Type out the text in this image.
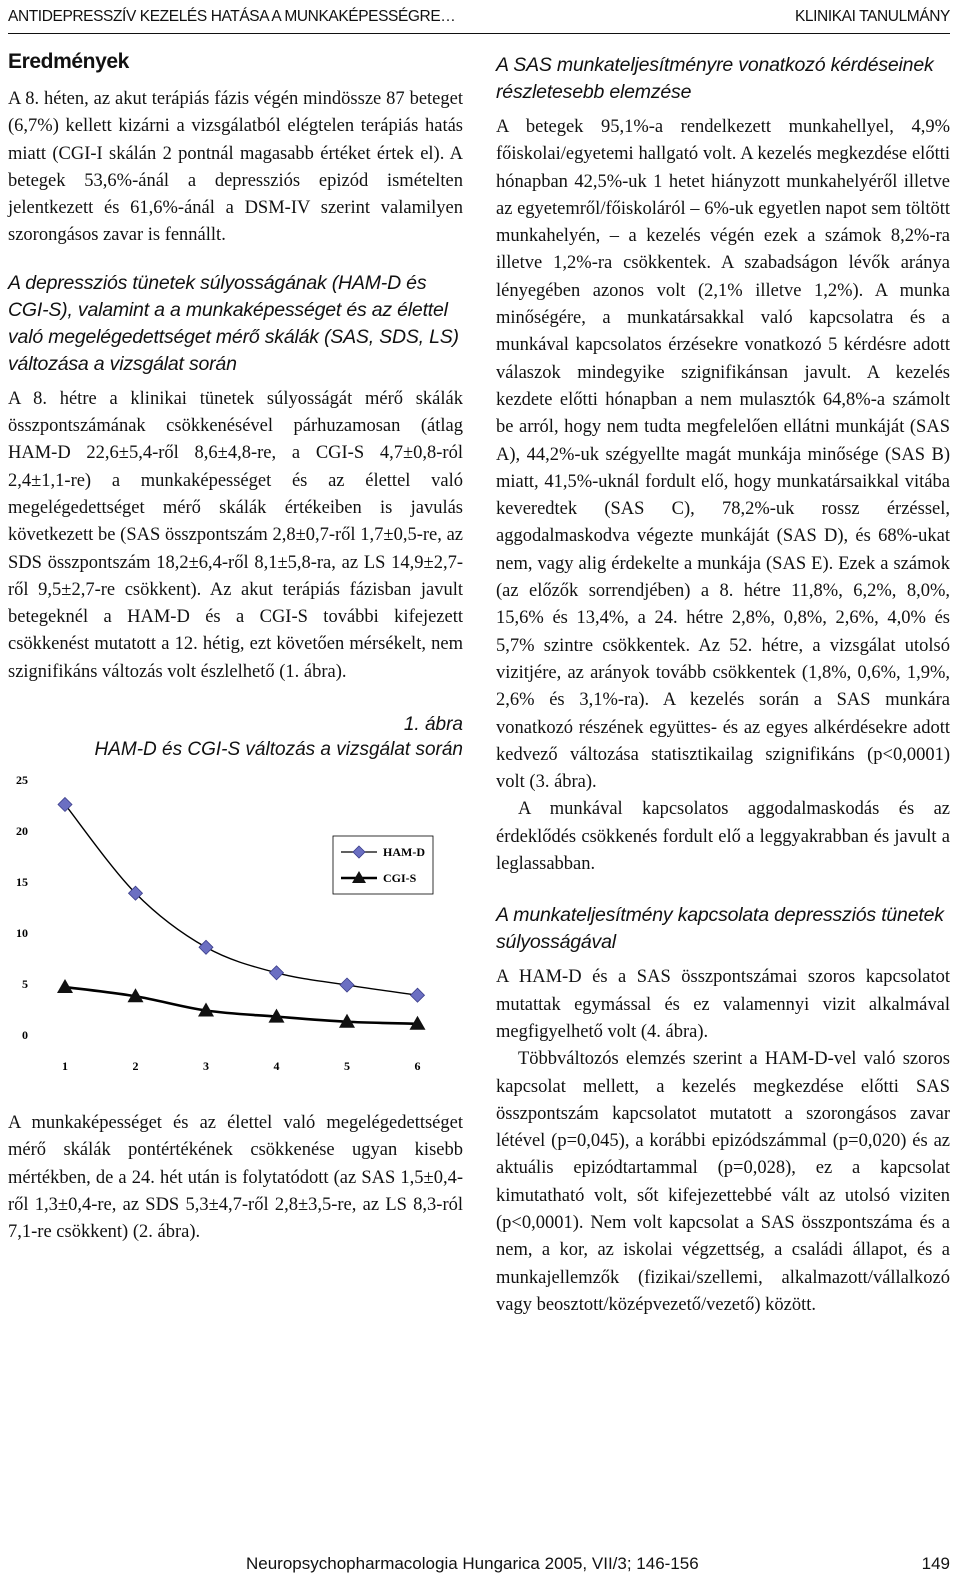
ANTIDEPRESSZÍV KEZELÉS HATÁSA A MUNKAKÉPESSÉGRE…	KLINIKAI TANULMÁNY
Eredmények

A 8. héten, az akut terápiás fázis végén mindössze 87 beteget (6,7%) kellett kizárni a vizsgálatból elégtelen terápiás hatás miatt (CGI-I skálán 2 pontnál magasabb értéket értek el). A betegek 53,6%-ánál a depressziós epizód ismételten jelentkezett és 61,6%-ánál a DSM-IV szerint valamilyen szorongásos zavar is fennállt.

A depressziós tünetek súlyosságának (HAM-D és CGI-S), valamint a a munkaképességet és az élettel való megelégedettséget mérő skálák (SAS, SDS, LS) változása a vizsgálat során

A 8. hétre a klinikai tünetek súlyosságát mérő skálák összpontszámának csökkenésével párhuzamosan (átlag HAM-D 22,6±5,4-ről 8,6±4,8-re, a CGI-S 4,7±0,8-ról 2,4±1,1-re) a munkaképességet és az élettel való megelégedettséget mérő skálák értékeiben is javulás következett be (SAS összpontszám 2,8±0,7-ről 1,7±0,5-re, az SDS összpontszám 18,2±6,4-ről 8,1±5,8-ra, az LS 14,9±2,7-ről 9,5±2,7-re csökkent). Az akut terápiás fázisban javult betegeknél a HAM-D és a CGI-S további kifejezett csökkenést mutatott a 12. hétig, ezt követően mérsékelt, nem szignifikáns változás volt észlelhető (1. ábra).

1. ábra
HAM-D és CGI-S változás a vizsgálat során
0
5
10
15
20
25
1	2	3	4	5	6
HAM-D
CGI-S

A munkaképességet és az élettel való megelégedettséget mérő skálák pontértékének csökkenése ugyan kisebb mértékben, de a 24. hét után is folytatódott (az SAS 1,5±0,4-ről 1,3±0,4-re, az SDS 5,3±4,7-ről 2,8±3,5-re, az LS 8,3-ról 7,1-re csökkent) (2. ábra).

A SAS munkateljesítményre vonatkozó kérdéseinek részletesebb elemzése

A betegek 95,1%-a rendelkezett munkahellyel, 4,9% főiskolai/egyetemi hallgató volt. A kezelés megkezdése előtti hónapban 42,5%-uk 1 hetet hiányzott munkahelyéről illetve az egyetemről/főiskoláról – 6%-uk egyetlen napot sem töltött munkahelyén, – a kezelés végén ezek a számok 8,2%-ra illetve 1,2%-ra csökkentek. A szabadságon lévők aránya lényegében azonos volt (2,1% illetve 1,2%). A munka minőségére, a munkatársakkal való kapcsolatra és a munkával kapcsolatos érzésekre vonatkozó 5 kérdésre adott válaszok mindegyike szignifikánsan javult. A kezelés kezdete előtti hónapban a nem mulasztók 64,8%-a számolt be arról, hogy nem tudta megfelelően ellátni munkáját (SAS A), 44,2%-uk szégyellte magát munkája minősége (SAS B) miatt, 41,5%-uknál fordult elő, hogy munkatársaikkal vitába keveredtek (SAS C), 78,2%-uk rossz érzéssel, aggodalmaskodva végezte munkáját (SAS D), és 68%-ukat nem, vagy alig érdekelte a munkája (SAS E). Ezek a számok (az előzők sorrendjében) a 8. hétre 11,8%, 6,2%, 8,0%, 15,6% és 13,4%, a 24. hétre 2,8%, 0,8%, 2,6%, 4,0% és 5,7% szintre csökkentek. Az 52. hétre, a vizsgálat utolsó vizitjére, az arányok tovább csökkentek (1,8%, 0,6%, 1,9%, 2,6% és 3,1%-ra). A kezelés során a SAS munkára vonatkozó részének együttes- és az egyes alkérdésekre adott kedvező változása statisztikailag szignifikáns (p<0,0001) volt (3. ábra).

A munkával kapcsolatos aggodalmaskodás és az érdeklődés csökkenés fordult elő a leggyakrabban és javult a leglassabban.

A munkateljesítmény kapcsolata depressziós tünetek súlyosságával

A HAM-D és a SAS összpontszámai szoros kapcsolatot mutattak egymással és ez valamennyi vizit alkalmával megfigyelhető volt (4. ábra).

Többváltozós elemzés szerint a HAM-D-vel való szoros kapcsolat mellett, a kezelés megkezdése előtti SAS összpontszám kapcsolatot mutatott a szorongásos zavar létével (p=0,045), a korábbi epizódszámmal (p=0,020) és az aktuális epizódtartammal (p=0,028), ez a kapcsolat kimutatható volt, sőt kifejezettebbé vált az utolsó viziten (p<0,0001). Nem volt kapcsolat a SAS összpontszáma és a nem, a kor, az iskolai végzettség, a családi állapot, és a munkajellemzők (fizikai/szellemi, alkalmazott/vállalkozó vagy beosztott/középvezető/vezető) között.

Neuropsychopharmacologia Hungarica 2005, VII/3; 146-156	149
